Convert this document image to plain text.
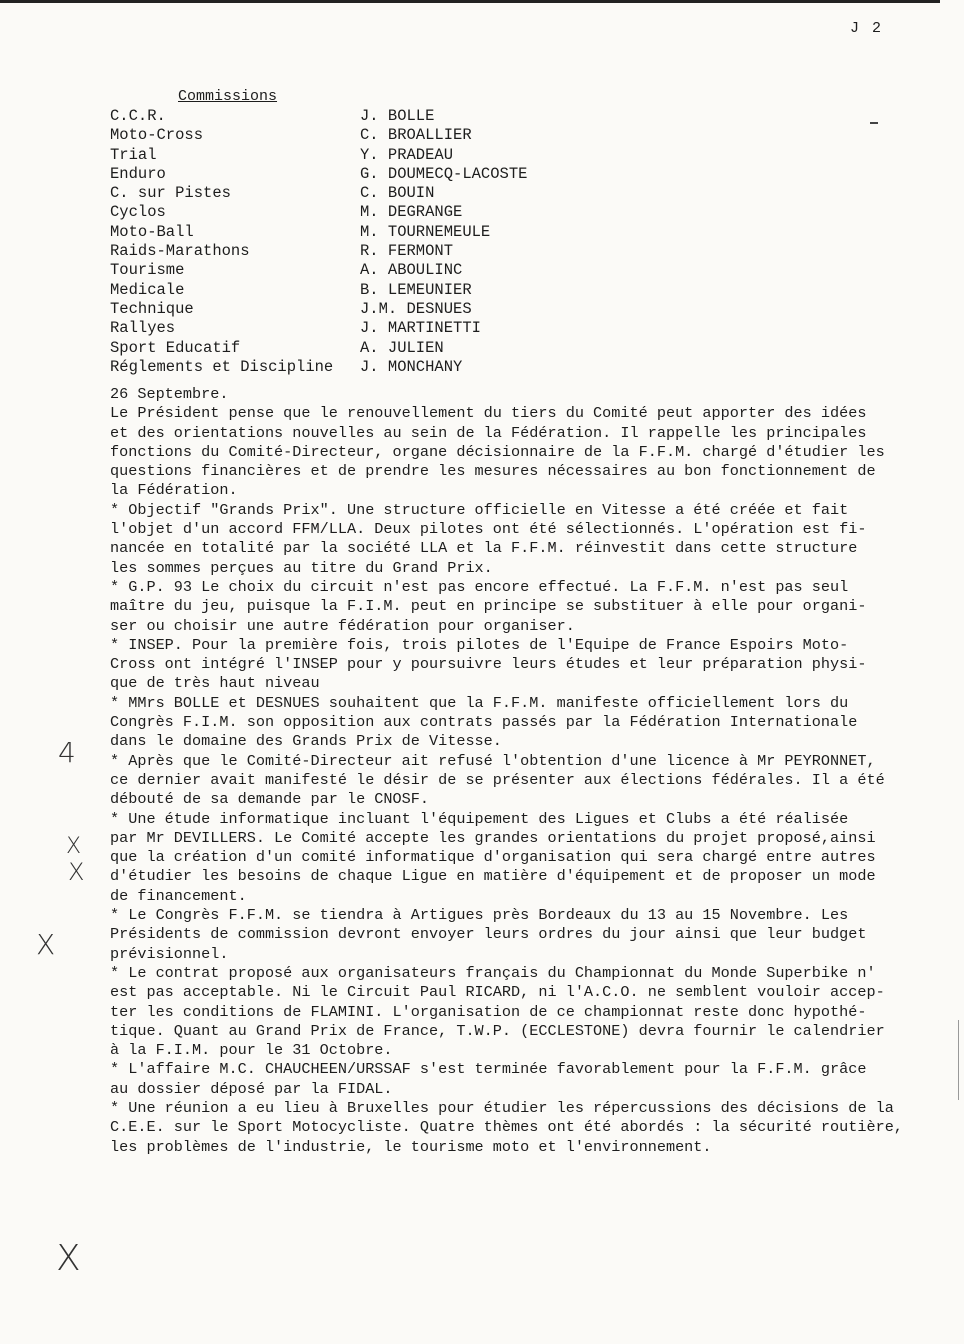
J 2
Commissions
C.C.R.	J. BOLLE
Moto-Cross	C. BROALLIER
Trial	Y. PRADEAU
Enduro	G. DOUMECQ-LACOSTE
C. sur Pistes	C. BOUIN
Cyclos	M. DEGRANGE
Moto-Ball	M. TOURNEMEULE
Raids-Marathons	R. FERMONT
Tourisme	A. ABOULINC
Medicale	B. LEMEUNIER
Technique	J.M. DESNUES
Rallyes	J. MARTINETTI
Sport Educatif	A. JULIEN
Réglements et Discipline	J. MONCHANY

26 Septembre.

Le Président pense que le renouvellement du tiers du Comité peut apporter des idées
et des orientations nouvelles au sein de la Fédération. Il rappelle les principales
fonctions du Comité-Directeur, organe décisionnaire de la F.F.M. chargé d'étudier les
questions financières et de prendre les mesures nécessaires au bon fonctionnement de
la Fédération.

* Objectif "Grands Prix". Une structure officielle en Vitesse a été créée et fait
l'objet d'un accord FFM/LLA. Deux pilotes ont été sélectionnés. L'opération est fi-
nancée en totalité par la société LLA et la F.F.M. réinvestit dans cette structure
les sommes perçues au titre du Grand Prix.

* G.P. 93 Le choix du circuit n'est pas encore effectué. La F.F.M. n'est pas seul
maître du jeu, puisque la F.I.M. peut en principe se substituer à elle pour organi-
ser ou choisir une autre fédération pour organiser.

* INSEP. Pour la première fois, trois pilotes de l'Equipe de France Espoirs Moto-
Cross ont intégré l'INSEP pour y poursuivre leurs études et leur préparation physi-
que de très haut niveau

* MMrs BOLLE et DESNUES souhaitent que la F.F.M. manifeste officiellement lors du
Congrès F.I.M. son opposition aux contrats passés par la Fédération Internationale
dans le domaine des Grands Prix de Vitesse.

* Après que le Comité-Directeur ait refusé l'obtention d'une licence à Mr PEYRONNET,
ce dernier avait manifesté le désir de se présenter aux élections fédérales. Il a été
débouté de sa demande par le CNOSF.

* Une étude informatique incluant l'équipement des Ligues et Clubs a été réalisée
par Mr DEVILLERS. Le Comité accepte les grandes orientations du projet proposé,ainsi
que la création d'un comité informatique d'organisation qui sera chargé entre autres
d'étudier les besoins de chaque Ligue en matière d'équipement et de proposer un mode
de financement.

* Le Congrès F.F.M. se tiendra à Artigues près Bordeaux du 13 au 15 Novembre. Les
Présidents de commission devront envoyer leurs ordres du jour ainsi que leur budget
prévisionnel.

* Le contrat proposé aux organisateurs français du Championnat du Monde Superbike n'
est pas acceptable. Ni le Circuit Paul RICARD, ni l'A.C.O. ne semblent vouloir accep-
ter les conditions de FLAMINI. L'organisation de ce championnat reste donc hypothé-
tique. Quant au Grand Prix de France, T.W.P. (ECCLESTONE) devra fournir le calendrier
à la F.I.M. pour le 31 Octobre.

* L'affaire M.C. CHAUCHEEN/URSSAF s'est terminée favorablement pour la F.F.M. grâce
au dossier déposé par la FIDAL.

* Une réunion a eu lieu à Bruxelles pour étudier les répercussions des décisions de la
C.E.E. sur le Sport Motocycliste. Quatre thèmes ont été abordés : la sécurité routière,
les problèmes de l'industrie, le tourisme moto et l'environnement.

4
X
X
X
X
